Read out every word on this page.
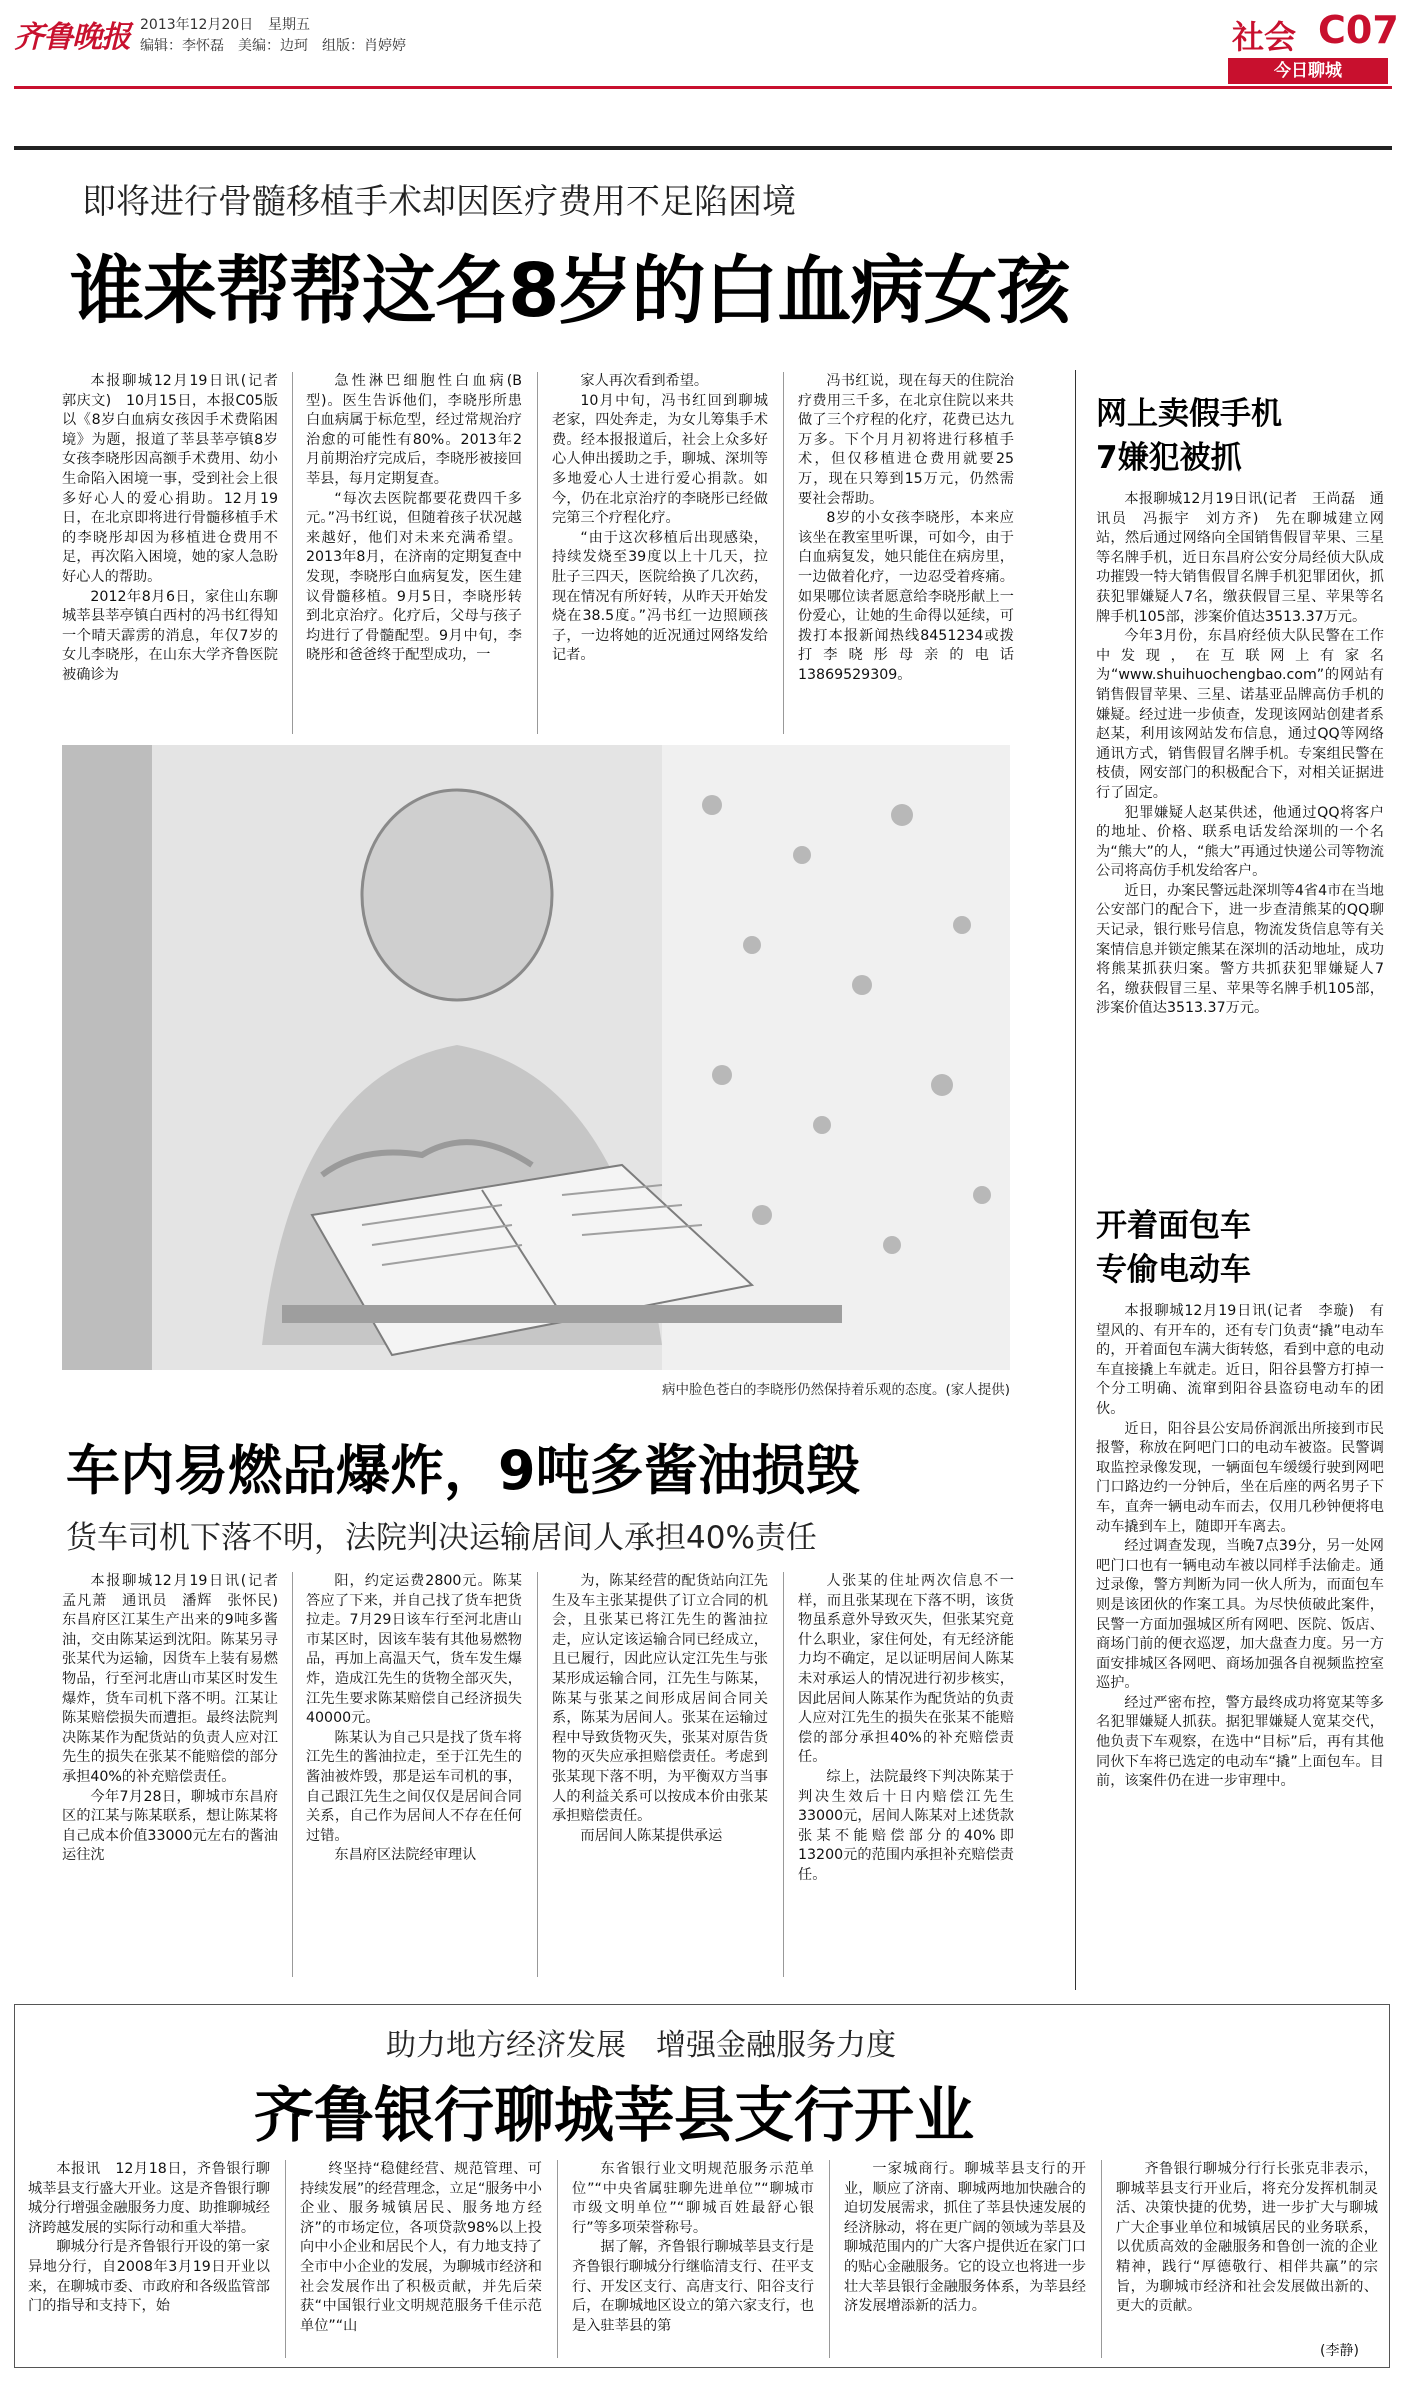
齐鲁晚报 2013年12月20日 星期五
编辑：李怀磊　美编：边珂　组版：肖婷婷	社会 C07
今日聊城
即将进行骨髓移植手术却因医疗费用不足陷困境
谁来帮帮这名8岁的白血病女孩

本报聊城12月19日讯(记者　郭庆文)　10月15日，本报C05版以《8岁白血病女孩因手术费陷困境》为题，报道了莘县莘亭镇8岁女孩李晓彤因高额手术费用、幼小生命陷入困境一事，受到社会上很多好心人的爱心捐助。12月19日，在北京即将进行骨髓移植手术的李晓彤却因为移植进仓费用不足，再次陷入困境，她的家人急盼好心人的帮助。

2012年8月6日，家住山东聊城莘县莘亭镇白西村的冯书红得知一个晴天霹雳的消息，年仅7岁的女儿李晓彤，在山东大学齐鲁医院被确诊为

急性淋巴细胞性白血病(B型)。医生告诉他们，李晓彤所患白血病属于标危型，经过常规治疗治愈的可能性有80%。2013年2月前期治疗完成后，李晓彤被接回莘县，每月定期复查。

“每次去医院都要花费四千多元。”冯书红说，但随着孩子状况越来越好，他们对未来充满希望。2013年8月，在济南的定期复查中发现，李晓彤白血病复发，医生建议骨髓移植。9月5日，李晓彤转到北京治疗。化疗后，父母与孩子均进行了骨髓配型。9月中旬，李晓彤和爸爸终于配型成功，一

家人再次看到希望。

10月中旬，冯书红回到聊城老家，四处奔走，为女儿筹集手术费。经本报报道后，社会上众多好心人伸出援助之手，聊城、深圳等多地爱心人士进行爱心捐款。如今，仍在北京治疗的李晓彤已经做完第三个疗程化疗。

“由于这次移植后出现感染，持续发烧至39度以上十几天，拉肚子三四天，医院给换了几次药，现在情况有所好转，从昨天开始发烧在38.5度。”冯书红一边照顾孩子，一边将她的近况通过网络发给记者。

冯书红说，现在每天的住院治疗费用三千多，在北京住院以来共做了三个疗程的化疗，花费已达九万多。下个月月初将进行移植手术，但仅移植进仓费用就要25万，现在只筹到15万元，仍然需要社会帮助。

8岁的小女孩李晓彤，本来应该坐在教室里听课，可如今，由于白血病复发，她只能住在病房里，一边做着化疗，一边忍受着疼痛。如果哪位读者愿意给李晓彤献上一份爱心，让她的生命得以延续，可拨打本报新闻热线8451234或拨打李晓彤母亲的电话13869529309。

病中脸色苍白的李晓彤仍然保持着乐观的态度。(家人提供)
网上卖假手机
7嫌犯被抓

本报聊城12月19日讯(记者　王尚磊　通讯员　冯振宇　刘方齐)　先在聊城建立网站，然后通过网络向全国销售假冒苹果、三星等名牌手机，近日东昌府公安分局经侦大队成功摧毁一特大销售假冒名牌手机犯罪团伙，抓获犯罪嫌疑人7名，缴获假冒三星、苹果等名牌手机105部，涉案价值达3513.37万元。

今年3月份，东昌府经侦大队民警在工作中发现，在互联网上有家名为“www.shuihuochengbao.com”的网站有销售假冒苹果、三星、诺基亚品牌高仿手机的嫌疑。经过进一步侦查，发现该网站创建者系赵某，利用该网站发布信息，通过QQ等网络通讯方式，销售假冒名牌手机。专案组民警在枝债，网安部门的积极配合下，对相关证据进行了固定。

犯罪嫌疑人赵某供述，他通过QQ将客户的地址、价格、联系电话发给深圳的一个名为“熊大”的人，“熊大”再通过快递公司等物流公司将高仿手机发给客户。

近日，办案民警远赴深圳等4省4市在当地公安部门的配合下，进一步查清熊某的QQ聊天记录，银行账号信息，物流发货信息等有关案情信息并锁定熊某在深圳的活动地址，成功将熊某抓获归案。警方共抓获犯罪嫌疑人7名，缴获假冒三星、苹果等名牌手机105部，涉案价值达3513.37万元。

开着面包车
专偷电动车

本报聊城12月19日讯(记者　李璇)　有望风的、有开车的，还有专门负责“撬”电动车的，开着面包车满大街转悠，看到中意的电动车直接撬上车就走。近日，阳谷县警方打掉一个分工明确、流窜到阳谷县盗窃电动车的团伙。

近日，阳谷县公安局侨润派出所接到市民报警，称放在阿吧门口的电动车被盗。民警调取监控录像发现，一辆面包车缓缓行驶到网吧门口路边约一分钟后，坐在后座的两名男子下车，直奔一辆电动车而去，仅用几秒钟便将电动车撬到车上，随即开车离去。

经过调查发现，当晚7点39分，另一处网吧门口也有一辆电动车被以同样手法偷走。通过录像，警方判断为同一伙人所为，而面包车则是该团伙的作案工具。为尽快侦破此案件，民警一方面加强城区所有网吧、医院、饭店、商场门前的便衣巡逻，加大盘查力度。另一方面安排城区各网吧、商场加强各自视频监控室巡护。

经过严密布控，警方最终成功将宽某等多名犯罪嫌疑人抓获。据犯罪嫌疑人宽某交代，他负责下车观察，在选中“目标”后，再有其他同伙下车将已选定的电动车“撬”上面包车。目前，该案件仍在进一步审理中。

车内易燃品爆炸，9吨多酱油损毁
货车司机下落不明，法院判决运输居间人承担40%责任

本报聊城12月19日讯(记者　孟凡萧　通讯员　潘辉　张怀民)　东昌府区江某生产出来的9吨多酱油，交由陈某运到沈阳。陈某另寻张某代为运输，因货车上装有易燃物品，行至河北唐山市某区时发生爆炸，货车司机下落不明。江某让陈某赔偿损失而遭拒。最终法院判决陈某作为配货站的负责人应对江先生的损失在张某不能赔偿的部分承担40%的补充赔偿责任。

今年7月28日，聊城市东昌府区的江某与陈某联系，想让陈某将自己成本价值33000元左右的酱油运往沈

阳，约定运费2800元。陈某答应了下来，并自己找了货车把货拉走。7月29日该车行至河北唐山市某区时，因该车装有其他易燃物品，再加上高温天气，货车发生爆炸，造成江先生的货物全部灭失，江先生要求陈某赔偿自己经济损失40000元。

陈某认为自己只是找了货车将江先生的酱油拉走，至于江先生的酱油被炸毁，那是运车司机的事，自己跟江先生之间仅仅是居间合同关系，自己作为居间人不存在任何过错。

东昌府区法院经审理认

为，陈某经营的配货站向江先生及车主张某提供了订立合同的机会，且张某已将江先生的酱油拉走，应认定该运输合同已经成立，且已履行，因此应认定江先生与张某形成运输合同，江先生与陈某，陈某与张某之间形成居间合同关系，陈某为居间人。张某在运输过程中导致货物灭失，张某对原告货物的灭失应承担赔偿责任。考虑到张某现下落不明，为平衡双方当事人的利益关系可以按成本价由张某承担赔偿责任。

而居间人陈某提供承运

人张某的住址两次信息不一样，而且张某现在下落不明，该货物虽系意外导致灭失，但张某究竟什么职业，家住何处，有无经济能力均不确定，足以证明居间人陈某未对承运人的情况进行初步核实，因此居间人陈某作为配货站的负责人应对江先生的损失在张某不能赔偿的部分承担40%的补充赔偿责任。

综上，法院最终下判决陈某于判决生效后十日内赔偿江先生33000元，居间人陈某对上述货款张某不能赔偿部分的40%即13200元的范围内承担补充赔偿责任。

助力地方经济发展　增强金融服务力度
齐鲁银行聊城莘县支行开业

本报讯　12月18日，齐鲁银行聊城莘县支行盛大开业。这是齐鲁银行聊城分行增强金融服务力度、助推聊城经济跨越发展的实际行动和重大举措。

聊城分行是齐鲁银行开设的第一家异地分行，自2008年3月19日开业以来，在聊城市委、市政府和各级监管部门的指导和支持下，始

终坚持“稳健经营、规范管理、可持续发展”的经营理念，立足“服务中小企业、服务城镇居民、服务地方经济”的市场定位，各项贷款98%以上投向中小企业和居民个人，有力地支持了全市中小企业的发展，为聊城市经济和社会发展作出了积极贡献，并先后荣获“中国银行业文明规范服务千佳示范单位”“山

东省银行业文明规范服务示范单位”“中央省属驻聊先进单位”“聊城市市级文明单位”“聊城百姓最舒心银行”等多项荣誉称号。

据了解，齐鲁银行聊城莘县支行是齐鲁银行聊城分行继临清支行、茌平支行、开发区支行、高唐支行、阳谷支行后，在聊城地区设立的第六家支行，也是入驻莘县的第

一家城商行。聊城莘县支行的开业，顺应了济南、聊城两地加快融合的迫切发展需求，抓住了莘县快速发展的经济脉动，将在更广阔的领域为莘县及聊城范围内的广大客户提供近在家门口的贴心金融服务。它的设立也将进一步壮大莘县银行金融服务体系，为莘县经济发展增添新的活力。

齐鲁银行聊城分行行长张克非表示，聊城莘县支行开业后，将充分发挥机制灵活、决策快捷的优势，进一步扩大与聊城广大企事业单位和城镇居民的业务联系，以优质高效的金融服务和鲁创一流的企业精神，践行“厚德敬行、相伴共赢”的宗旨，为聊城市经济和社会发展做出新的、更大的贡献。

(李静)
